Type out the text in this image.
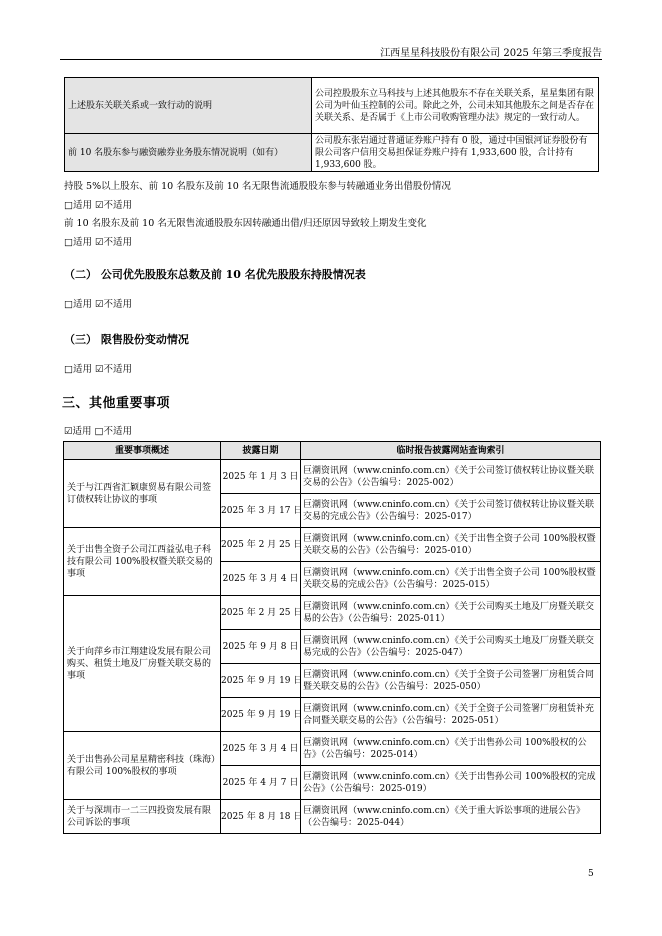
江西星星科技股份有限公司 2025 年第三季度报告
上述股东关联关系或一致行动的说明	公司控股股东立马科技与上述其他股东不存在关联关系，星星集团有限公司为叶仙玉控制的公司。除此之外，公司未知其他股东之间是否存在关联关系、是否属于《上市公司收购管理办法》规定的一致行动人。
前 10 名股东参与融资融券业务股东情况说明（如有）	公司股东张岩通过普通证券账户持有 0 股，通过中国银河证券股份有限公司客户信用交易担保证券账户持有 1,933,600 股，合计持有 1,933,600 股。
持股 5%以上股东、前 10 名股东及前 10 名无限售流通股股东参与转融通业务出借股份情况
□适用 ☑不适用
前 10 名股东及前 10 名无限售流通股股东因转融通出借/归还原因导致较上期发生变化
□适用 ☑不适用
（二） 公司优先股股东总数及前 10 名优先股股东持股情况表
□适用 ☑不适用
（三） 限售股份变动情况
□适用 ☑不适用
三、其他重要事项
☑适用 □不适用
重要事项概述	披露日期	临时报告披露网站查询索引
关于与江西省汇颖康贸易有限公司签订债权转让协议的事项	2025 年 1 月 3 日	巨潮资讯网（www.cninfo.com.cn）《关于公司签订债权转让协议暨关联交易的公告》（公告编号：2025-002）
	2025 年 3 月 17 日	巨潮资讯网（www.cninfo.com.cn）《关于公司签订债权转让协议暨关联交易的完成公告》（公告编号：2025-017）
关于出售全资子公司江西益弘电子科技有限公司 100%股权暨关联交易的事项	2025 年 2 月 25 日	巨潮资讯网（www.cninfo.com.cn）《关于出售全资子公司 100%股权暨关联交易的公告》（公告编号：2025-010）
	2025 年 3 月 4 日	巨潮资讯网（www.cninfo.com.cn）《关于出售全资子公司 100%股权暨关联交易的完成公告》（公告编号：2025-015）
关于向萍乡市江翔建设发展有限公司购买、租赁土地及厂房暨关联交易的事项	2025 年 2 月 25 日	巨潮资讯网（www.cninfo.com.cn）《关于公司购买土地及厂房暨关联交易的公告》（公告编号：2025-011）
	2025 年 9 月 8 日	巨潮资讯网（www.cninfo.com.cn）《关于公司购买土地及厂房暨关联交易完成的公告》（公告编号：2025-047）
	2025 年 9 月 19 日	巨潮资讯网（www.cninfo.com.cn）《关于全资子公司签署厂房租赁合同暨关联交易的公告》（公告编号：2025-050）
	2025 年 9 月 19 日	巨潮资讯网（www.cninfo.com.cn）《关于全资子公司签署厂房租赁补充合同暨关联交易的公告》（公告编号：2025-051）
关于出售孙公司星星精密科技（珠海）有限公司 100%股权的事项	2025 年 3 月 4 日	巨潮资讯网（www.cninfo.com.cn）《关于出售孙公司 100%股权的公告》（公告编号：2025-014）
	2025 年 4 月 7 日	巨潮资讯网（www.cninfo.com.cn）《关于出售孙公司 100%股权的完成公告》（公告编号：2025-019）
关于与深圳市一二三四投资发展有限公司诉讼的事项	2025 年 8 月 18 日	巨潮资讯网（www.cninfo.com.cn）《关于重大诉讼事项的进展公告》（公告编号：2025-044）
5
